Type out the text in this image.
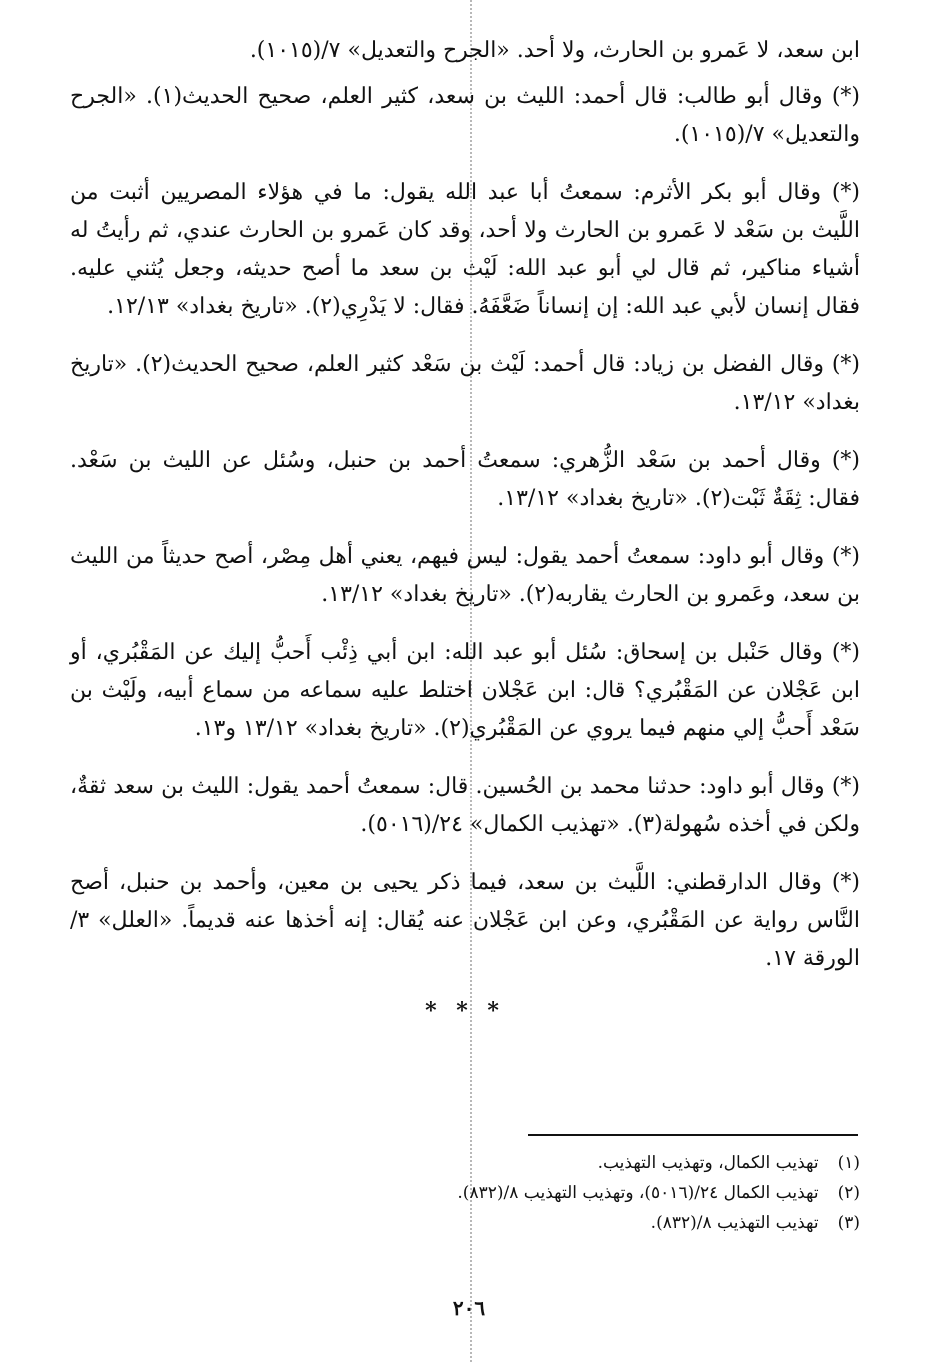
ابن سعد، لا عَمرو بن الحارث، ولا أحد. «الجرح والتعديل» ٧/(١٠١٥).

(*) وقال أبو طالب: قال أحمد: الليث بن سعد، كثير العلم، صحيح الحديث(١). «الجرح والتعديل» ٧/(١٠١٥).

(*) وقال أبو بكر الأثرم: سمعتُ أبا عبد الله يقول: ما في هؤلاء المصريين أثبت من اللَّيث بن سَعْد لا عَمرو بن الحارث ولا أحد، وقد كان عَمرو بن الحارث عندي، ثم رأيتُ له أشياء مناكير، ثم قال لي أبو عبد الله: لَيْث بن سعد ما أصح حديثه، وجعل يُثني عليه. فقال إنسان لأبي عبد الله: إن إنساناً ضَعَّفَهُ. فقال: لا يَدْرِي(٢). «تاريخ بغداد» ١٢/١٣.

(*) وقال الفضل بن زياد: قال أحمد: لَيْث بن سَعْد كثير العلم، صحيح الحديث(٢). «تاريخ بغداد» ١٣/١٢.

(*) وقال أحمد بن سَعْد الزُّهري: سمعتُ أحمد بن حنبل، وسُئل عن الليث بن سَعْد. فقال: ثِقَةٌ ثَبْت(٢). «تاريخ بغداد» ١٣/١٢.

(*) وقال أبو داود: سمعتُ أحمد يقول: ليس فيهم، يعني أهل مِصْر، أصح حديثاً من الليث بن سعد، وعَمرو بن الحارث يقاربه(٢). «تاريخ بغداد» ١٣/١٢.

(*) وقال حَنْبل بن إسحاق: سُئل أبو عبد الله: ابن أبي ذِئْب أَحبُّ إليك عن المَقْبُري، أو ابن عَجْلان عن المَقْبُري؟ قال: ابن عَجْلان اختلط عليه سماعه من سماع أبيه، ولَيْث بن سَعْد أَحبُّ إلي منهم فيما يروي عن المَقْبُري(٢). «تاريخ بغداد» ١٣/١٢ و١٣.

(*) وقال أبو داود: حدثنا محمد بن الحُسين. قال: سمعتُ أحمد يقول: الليث بن سعد ثقةٌ، ولكن في أخذه سُهولة(٣). «تهذيب الكمال» ٢٤/(٥٠١٦).

(*) وقال الدارقطني: اللَّيث بن سعد، فيما ذكر يحيى بن معين، وأحمد بن حنبل، أصح النَّاس رواية عن المَقْبُري، وعن ابن عَجْلان عنه يُقال: إنه أخذها عنه قديماً. «العلل» ٣/الورقة ١٧.

* * *

(١) تهذيب الكمال، وتهذيب التهذيب.

(٢) تهذيب الكمال ٢٤/(٥٠١٦)، وتهذيب التهذيب ٨/(٨٣٢).

(٣) تهذيب التهذيب ٨/(٨٣٢).

٢٠٦
